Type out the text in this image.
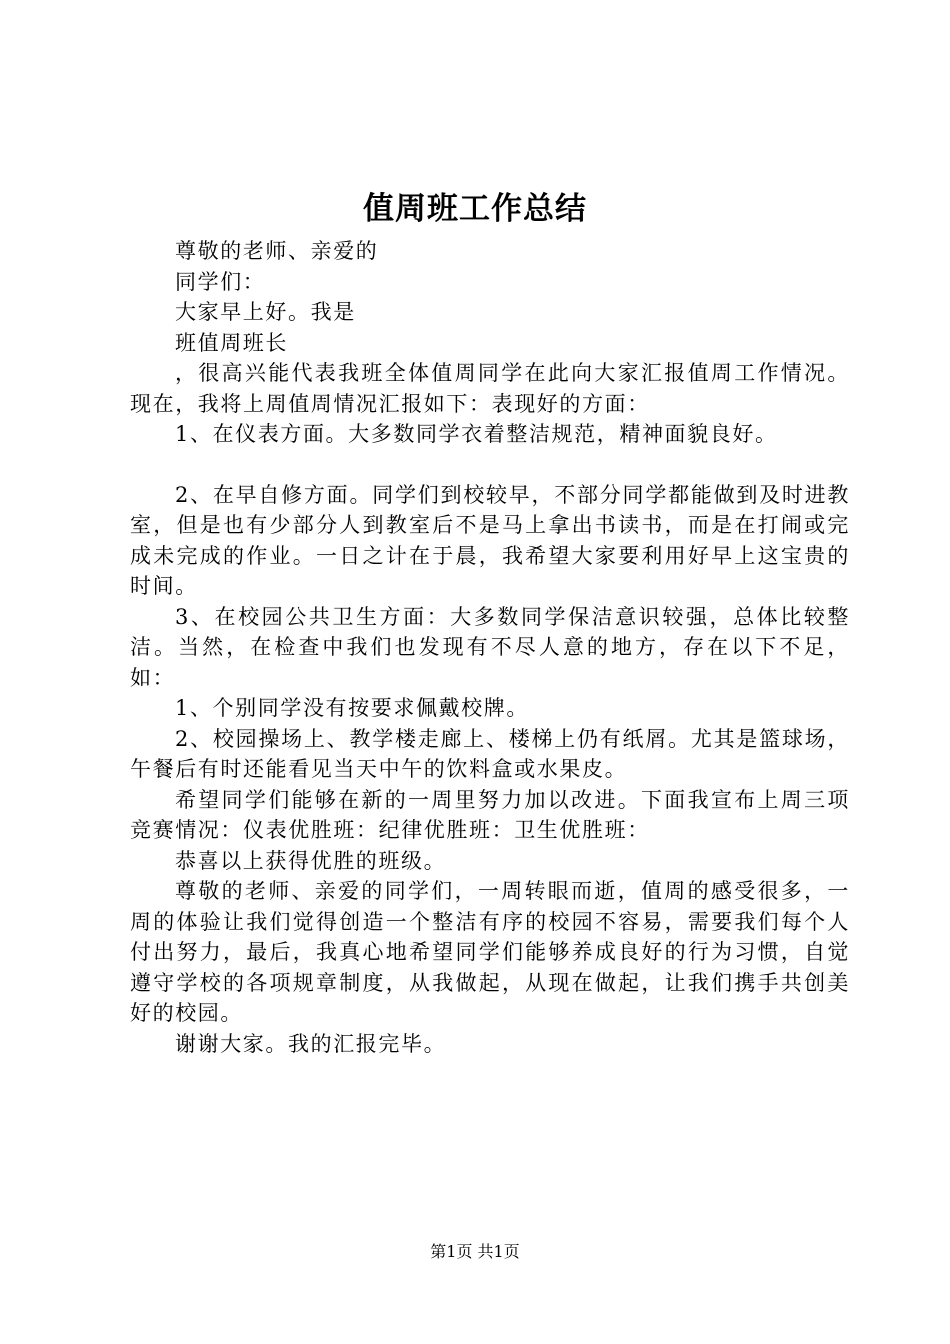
值周班工作总结

尊敬的老师、亲爱的

同学们：

大家早上好。我是

班值周班长

，很高兴能代表我班全体值周同学在此向大家汇报值周工作情况。现在，我将上周值周情况汇报如下：表现好的方面：

1、在仪表方面。大多数同学衣着整洁规范，精神面貌良好。

2、在早自修方面。同学们到校较早，不部分同学都能做到及时进教室，但是也有少部分人到教室后不是马上拿出书读书，而是在打闹或完成未完成的作业。一日之计在于晨，我希望大家要利用好早上这宝贵的时间。

3、在校园公共卫生方面：大多数同学保洁意识较强，总体比较整洁。当然，在检查中我们也发现有不尽人意的地方，存在以下不足，如：

1、个别同学没有按要求佩戴校牌。

2、校园操场上、教学楼走廊上、楼梯上仍有纸屑。尤其是篮球场，午餐后有时还能看见当天中午的饮料盒或水果皮。

希望同学们能够在新的一周里努力加以改进。下面我宣布上周三项竞赛情况：仪表优胜班：纪律优胜班：卫生优胜班：

恭喜以上获得优胜的班级。

尊敬的老师、亲爱的同学们，一周转眼而逝，值周的感受很多，一周的体验让我们觉得创造一个整洁有序的校园不容易，需要我们每个人付出努力，最后，我真心地希望同学们能够养成良好的行为习惯，自觉遵守学校的各项规章制度，从我做起，从现在做起，让我们携手共创美好的校园。

谢谢大家。我的汇报完毕。

第1页 共1页
